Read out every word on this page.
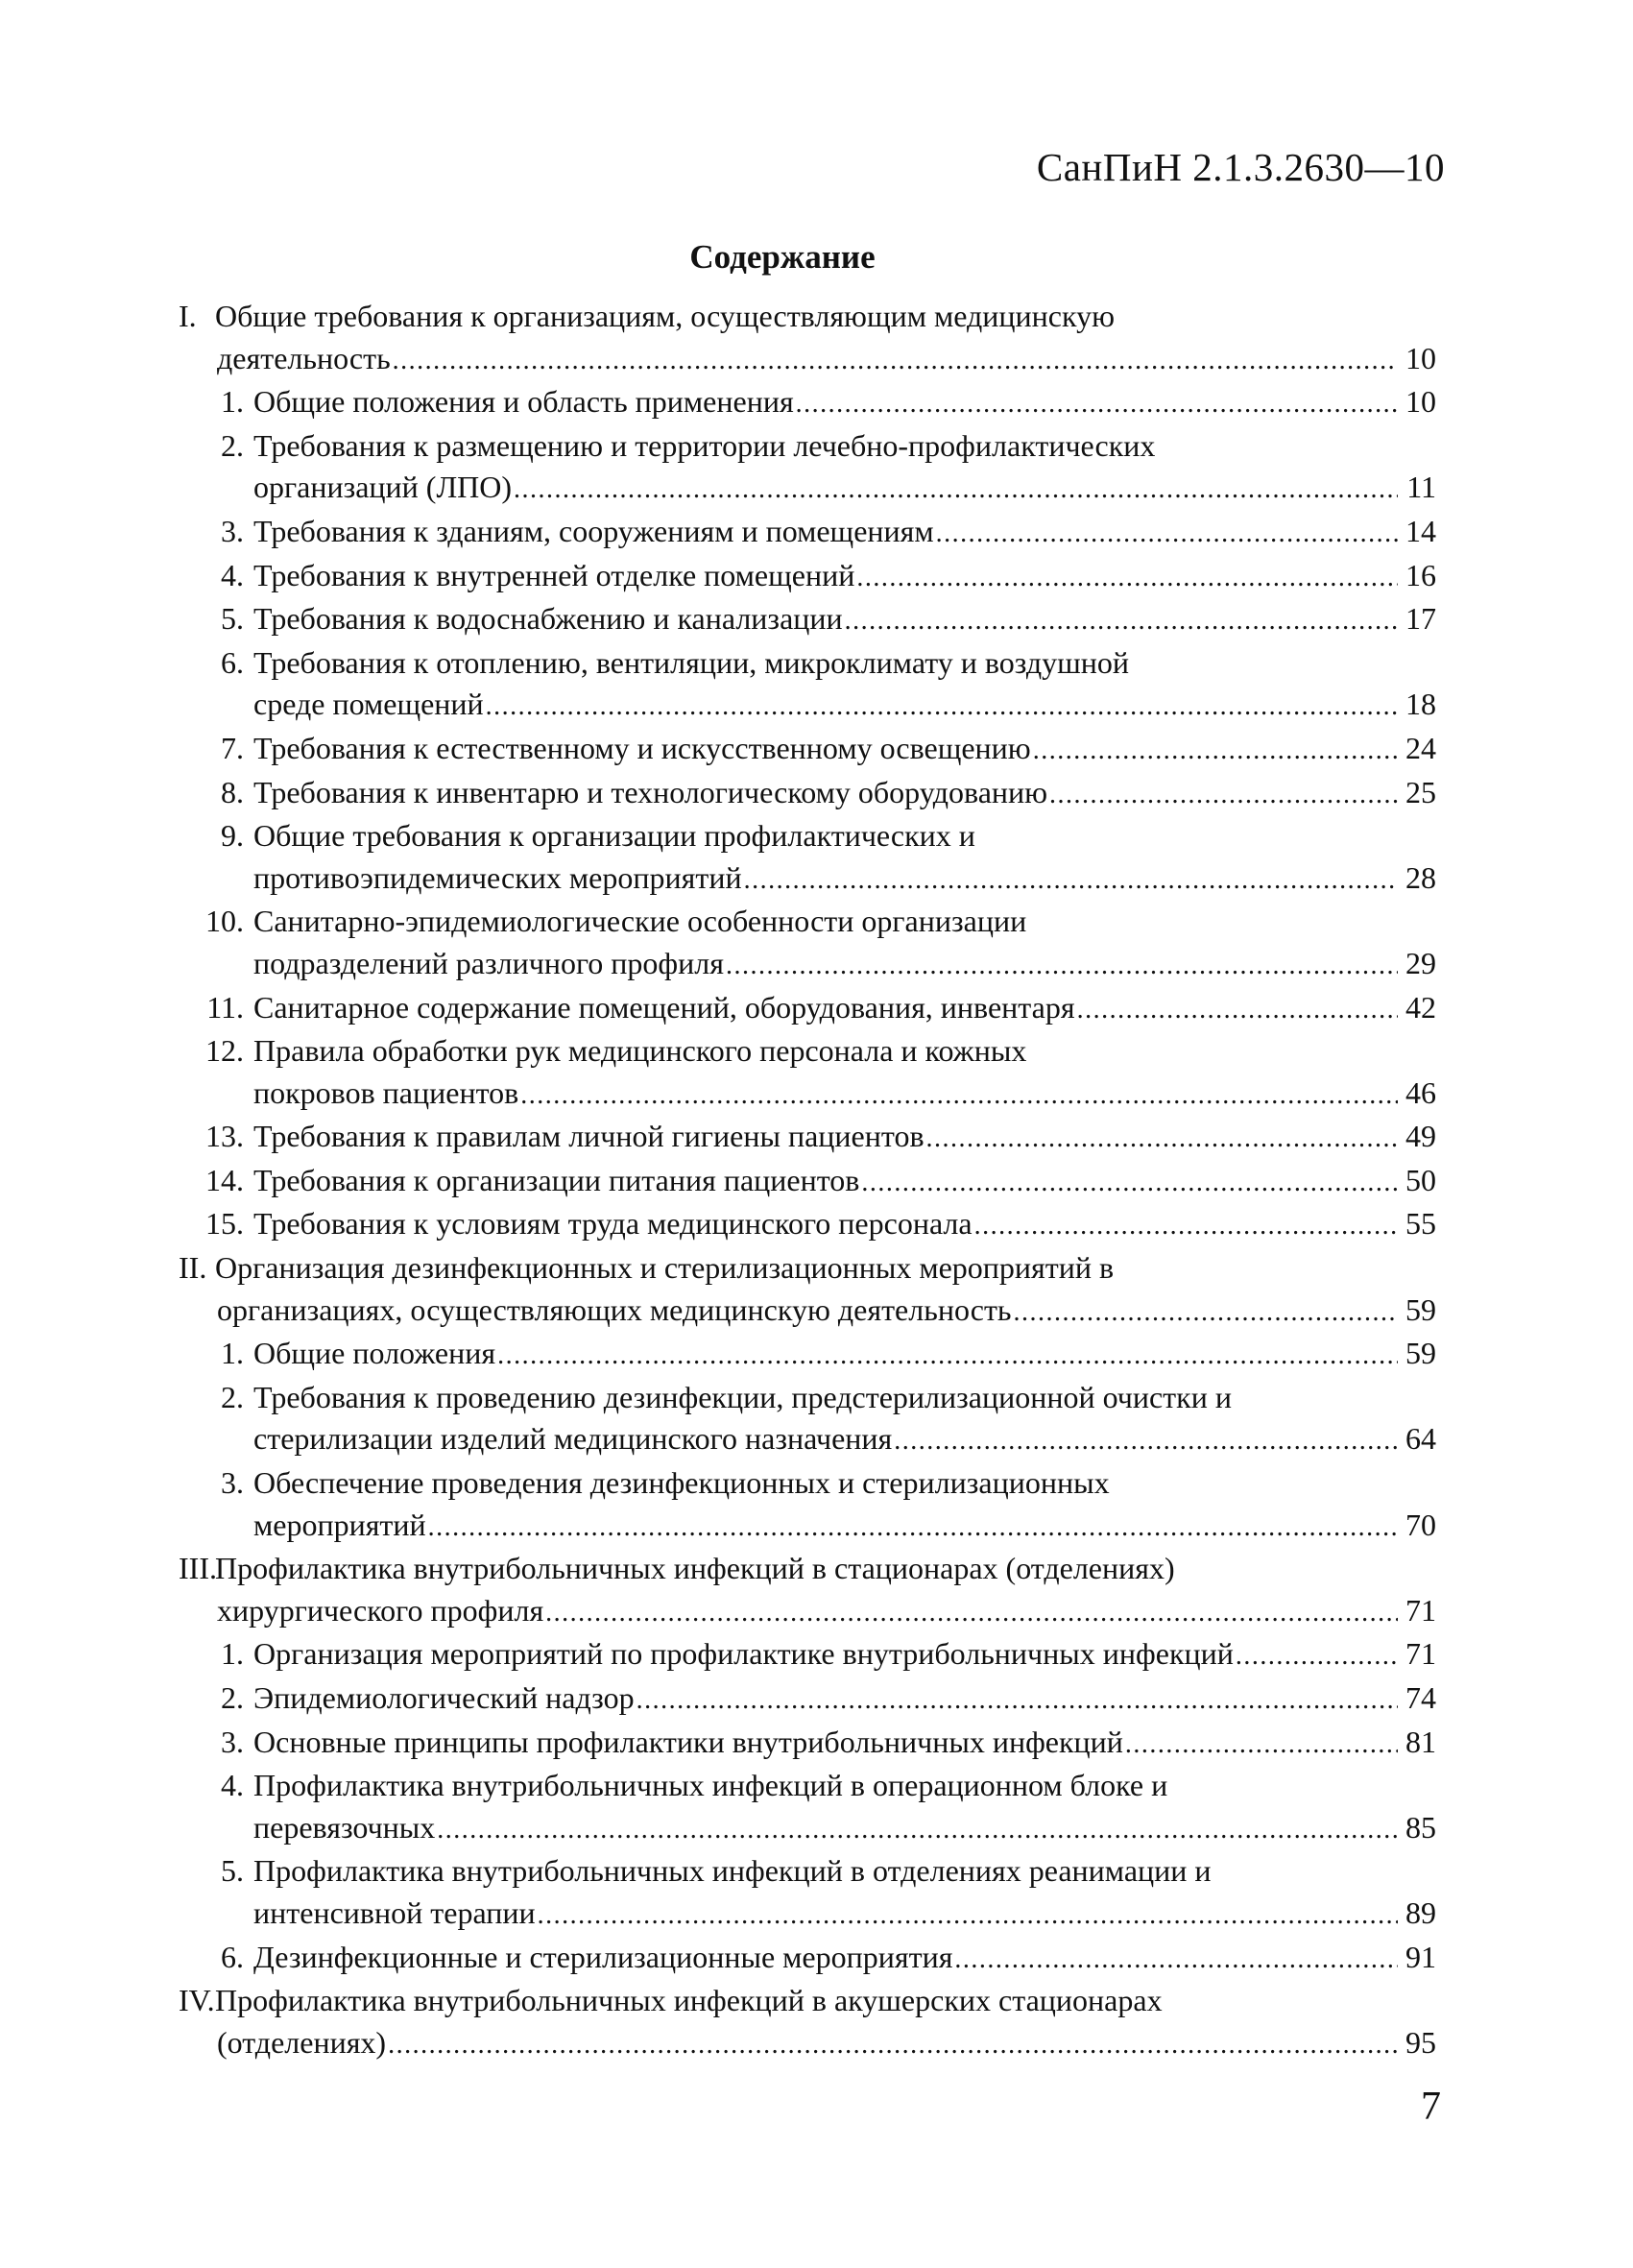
СанПиН 2.1.3.2630—10
Содержание
I. Общие требования к организациям, осуществляющим медицинскую
деятельность .....	10
1. Общие положения и область применения .....	10
2. Требования к размещению и территории лечебно-профилактических
организаций (ЛПО) .....	11
3. Требования к зданиям, сооружениям и помещениям .....	14
4. Требования к внутренней отделке помещений .....	16
5. Требования к водоснабжению и канализации .....	17
6. Требования к отоплению, вентиляции, микроклимату и воздушной
среде помещений .....	18
7. Требования к естественному и искусственному освещению .....	24
8. Требования к инвентарю и технологическому оборудованию .....	25
9. Общие требования к организации профилактических и
противоэпидемических мероприятий .....	28
10. Санитарно-эпидемиологические особенности организации
подразделений различного профиля .....	29
11. Санитарное содержание помещений, оборудования, инвентаря .....	42
12. Правила обработки рук медицинского персонала и кожных
покровов пациентов .....	46
13. Требования к правилам личной гигиены пациентов .....	49
14. Требования к организации питания пациентов .....	50
15. Требования к условиям труда медицинского персонала .....	55
II. Организация дезинфекционных и стерилизационных мероприятий в
организациях, осуществляющих медицинскую деятельность .....	59
1. Общие положения .....	59
2. Требования к проведению дезинфекции, предстерилизационной очистки и
стерилизации изделий медицинского назначения .....	64
3. Обеспечение проведения дезинфекционных и стерилизационных
мероприятий .....	70
III.
Профилактика внутрибольничных инфекций в стационарах (отделениях)
хирургического профиля .....	71
1. Организация мероприятий по профилактике внутрибольничных инфекций .....	71
2. Эпидемиологический надзор .....	74
3. Основные принципы профилактики внутрибольничных инфекций .....	81
4. Профилактика внутрибольничных инфекций в операционном блоке и
перевязочных .....	85
5. Профилактика внутрибольничных инфекций в отделениях реанимации и
интенсивной терапии .....	89
6. Дезинфекционные и стерилизационные мероприятия .....	91
IV. Профилактика внутрибольничных инфекций в акушерских стационарах
(отделениях) .....	95
7
